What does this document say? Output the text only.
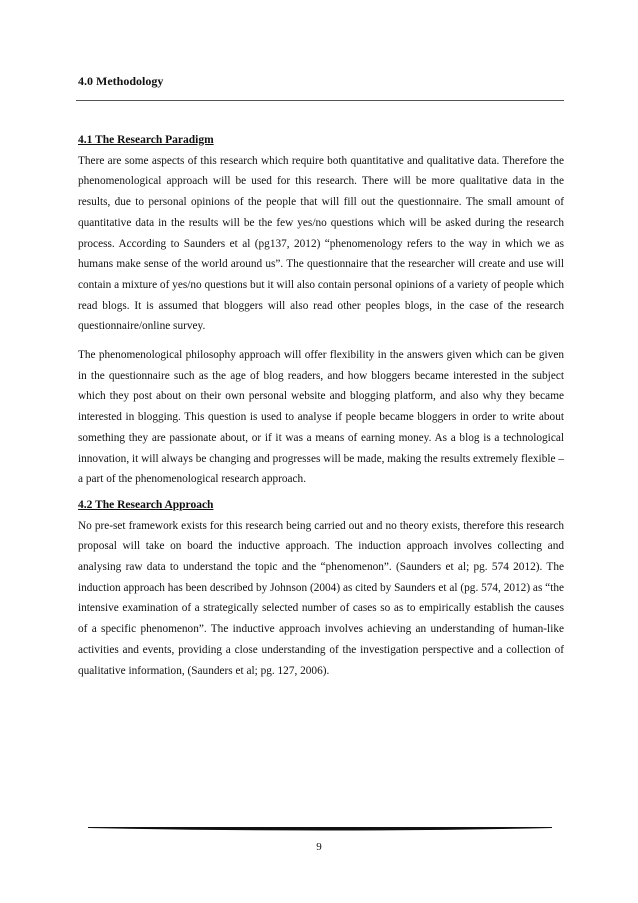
4.0 Methodology
4.1 The Research Paradigm

There are some aspects of this research which require both quantitative and qualitative data. Therefore the phenomenological approach will be used for this research. There will be more qualitative data in the results, due to personal opinions of the people that will fill out the questionnaire. The small amount of quantitative data in the results will be the few yes/no questions which will be asked during the research process. According to Saunders et al (pg137, 2012) “phenomenology refers to the way in which we as humans make sense of the world around us”. The questionnaire that the researcher will create and use will contain a mixture of yes/no questions but it will also contain personal opinions of a variety of people which read blogs. It is assumed that bloggers will also read other peoples blogs, in the case of the research questionnaire/online survey.

The phenomenological philosophy approach will offer flexibility in the answers given which can be given in the questionnaire such as the age of blog readers, and how bloggers became interested in the subject which they post about on their own personal website and blogging platform, and also why they became interested in blogging. This question is used to analyse if people became bloggers in order to write about something they are passionate about, or if it was a means of earning money. As a blog is a technological innovation, it will always be changing and progresses will be made, making the results extremely flexible – a part of the phenomenological research approach.

4.2 The Research Approach

No pre-set framework exists for this research being carried out and no theory exists, therefore this research proposal will take on board the inductive approach. The induction approach involves collecting and analysing raw data to understand the topic and the “phenomenon”. (Saunders et al; pg. 574 2012). The induction approach has been described by Johnson (2004) as cited by Saunders et al (pg. 574, 2012) as “the intensive examination of a strategically selected number of cases so as to empirically establish the causes of a specific phenomenon”. The inductive approach involves achieving an understanding of human-like activities and events, providing a close understanding of the investigation perspective and a collection of qualitative information, (Saunders et al; pg. 127, 2006).

9
